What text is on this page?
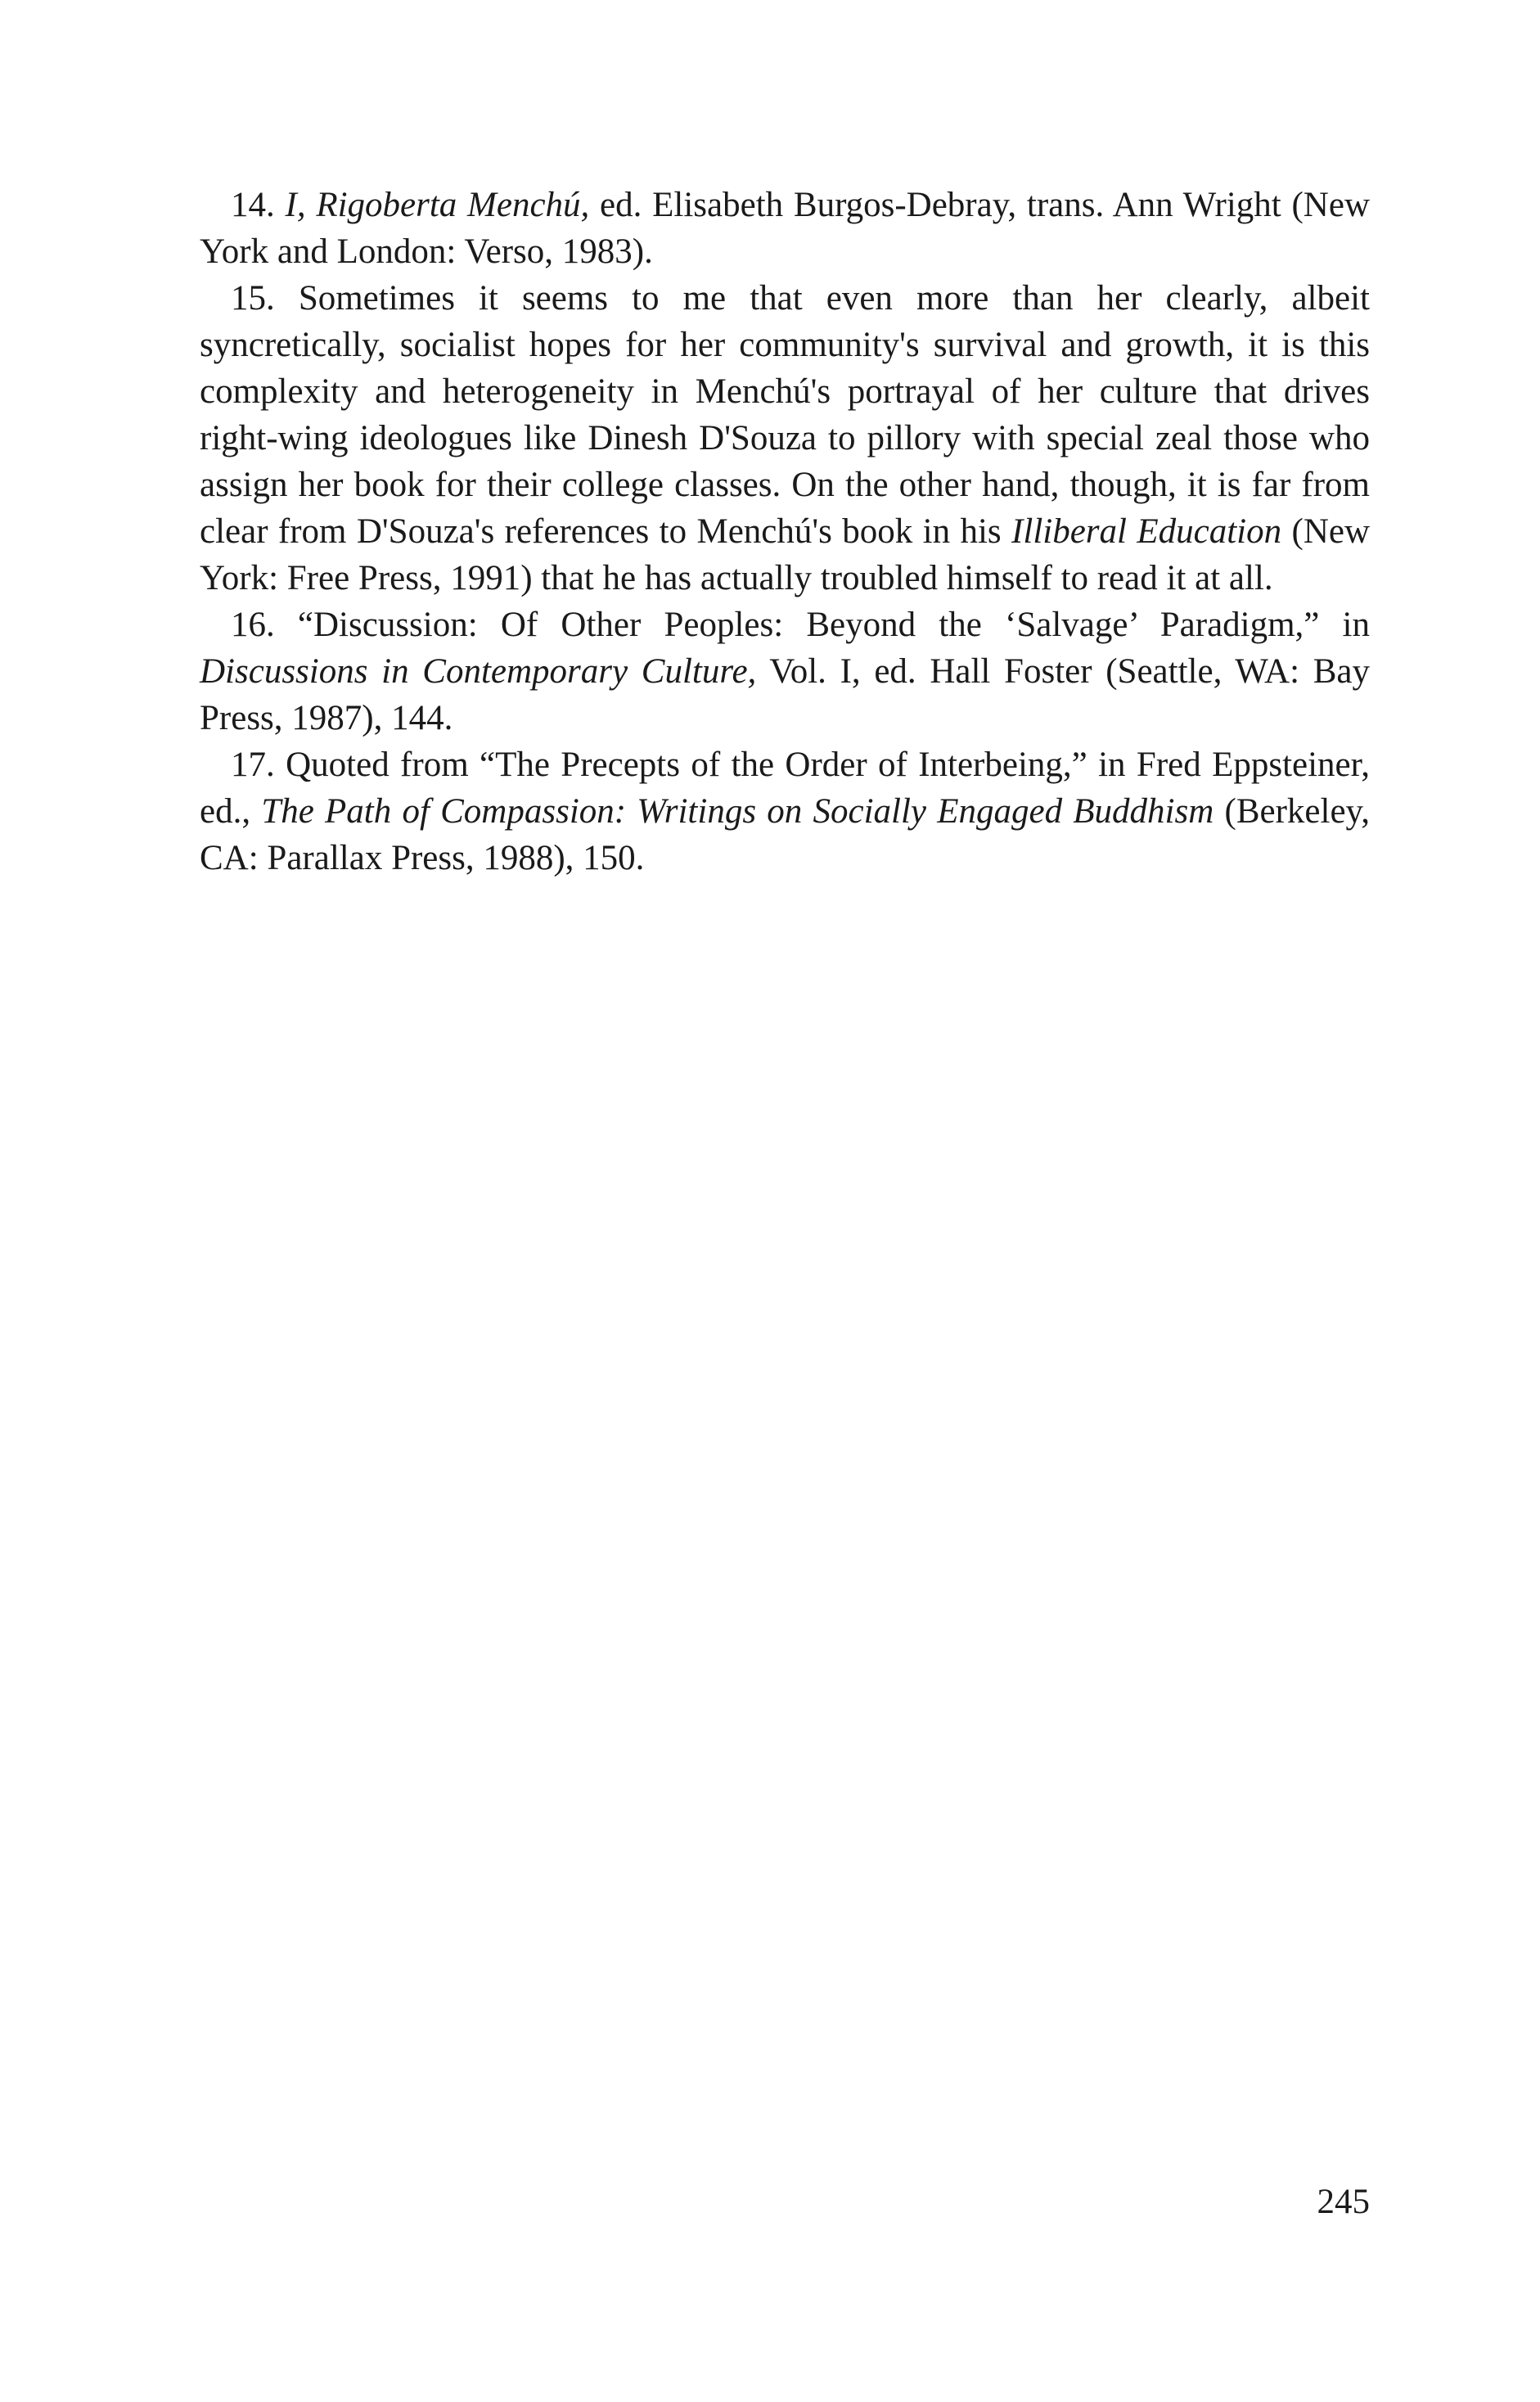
14. I, Rigoberta Menchú, ed. Elisabeth Burgos-Debray, trans. Ann Wright (New York and London: Verso, 1983).

15. Sometimes it seems to me that even more than her clearly, albeit syncretically, socialist hopes for her community's survival and growth, it is this complexity and heterogeneity in Menchú's portrayal of her culture that drives right-wing ideologues like Dinesh D'Souza to pillory with special zeal those who assign her book for their college classes. On the other hand, though, it is far from clear from D'Souza's references to Menchú's book in his Illiberal Education (New York: Free Press, 1991) that he has actually troubled himself to read it at all.

16. “Discussion: Of Other Peoples: Beyond the ‘Salvage’ Paradigm,” in Discussions in Contemporary Culture, Vol. I, ed. Hall Foster (Seattle, WA: Bay Press, 1987), 144.

17. Quoted from “The Precepts of the Order of Interbeing,” in Fred Eppsteiner, ed., The Path of Compassion: Writings on Socially Engaged Buddhism (Berkeley, CA: Parallax Press, 1988), 150.

245
